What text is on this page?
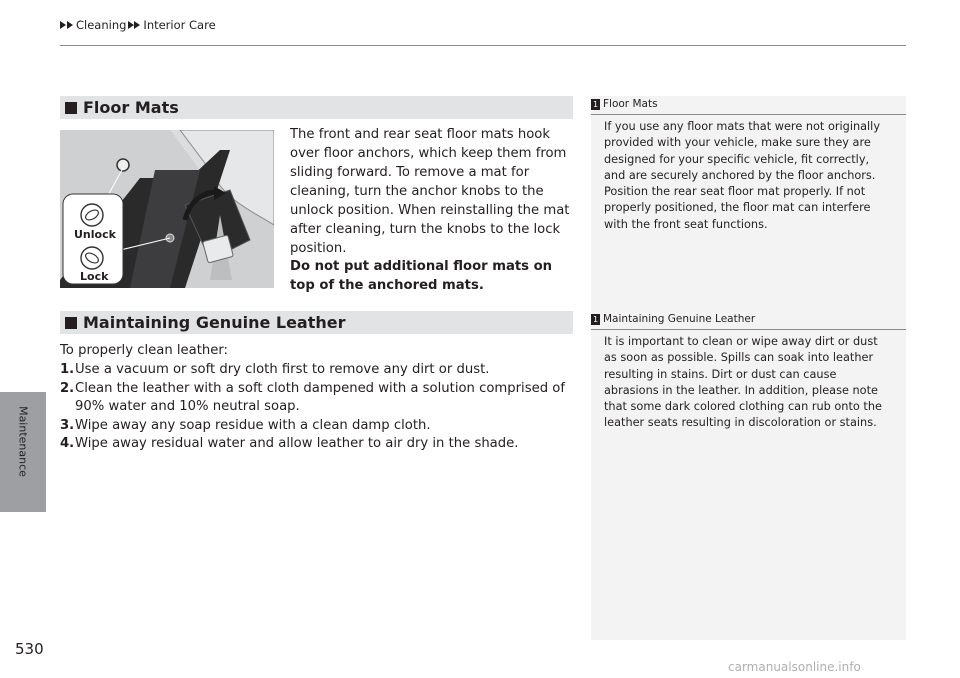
Cleaning Interior Care
Maintenance
1 Floor Mats
If you use any floor mats that were not originally provided with your vehicle, make sure they are designed for your specific vehicle, fit correctly, and are securely anchored by the floor anchors.
Position the rear seat floor mat properly. If not properly positioned, the floor mat can interfere with the front seat functions.
1 Maintaining Genuine Leather
It is important to clean or wipe away dirt or dust as soon as possible. Spills can soak into leather resulting in stains. Dirt or dust can cause abrasions in the leather. In addition, please note that some dark colored clothing can rub onto the leather seats resulting in discoloration or stains.
Floor Mats
Unlock
Lock
The front and rear seat floor mats hook over floor anchors, which keep them from sliding forward. To remove a mat for cleaning, turn the anchor knobs to the unlock position. When reinstalling the mat after cleaning, turn the knobs to the lock position.
Do not put additional floor mats on top of the anchored mats.
Maintaining Genuine Leather
To properly clean leather:
1. Use a vacuum or soft dry cloth first to remove any dirt or dust.
2. Clean the leather with a soft cloth dampened with a solution comprised of 90% water and 10% neutral soap.
3. Wipe away any soap residue with a clean damp cloth.
4. Wipe away residual water and allow leather to air dry in the shade.
530
carmanualsonline.info
